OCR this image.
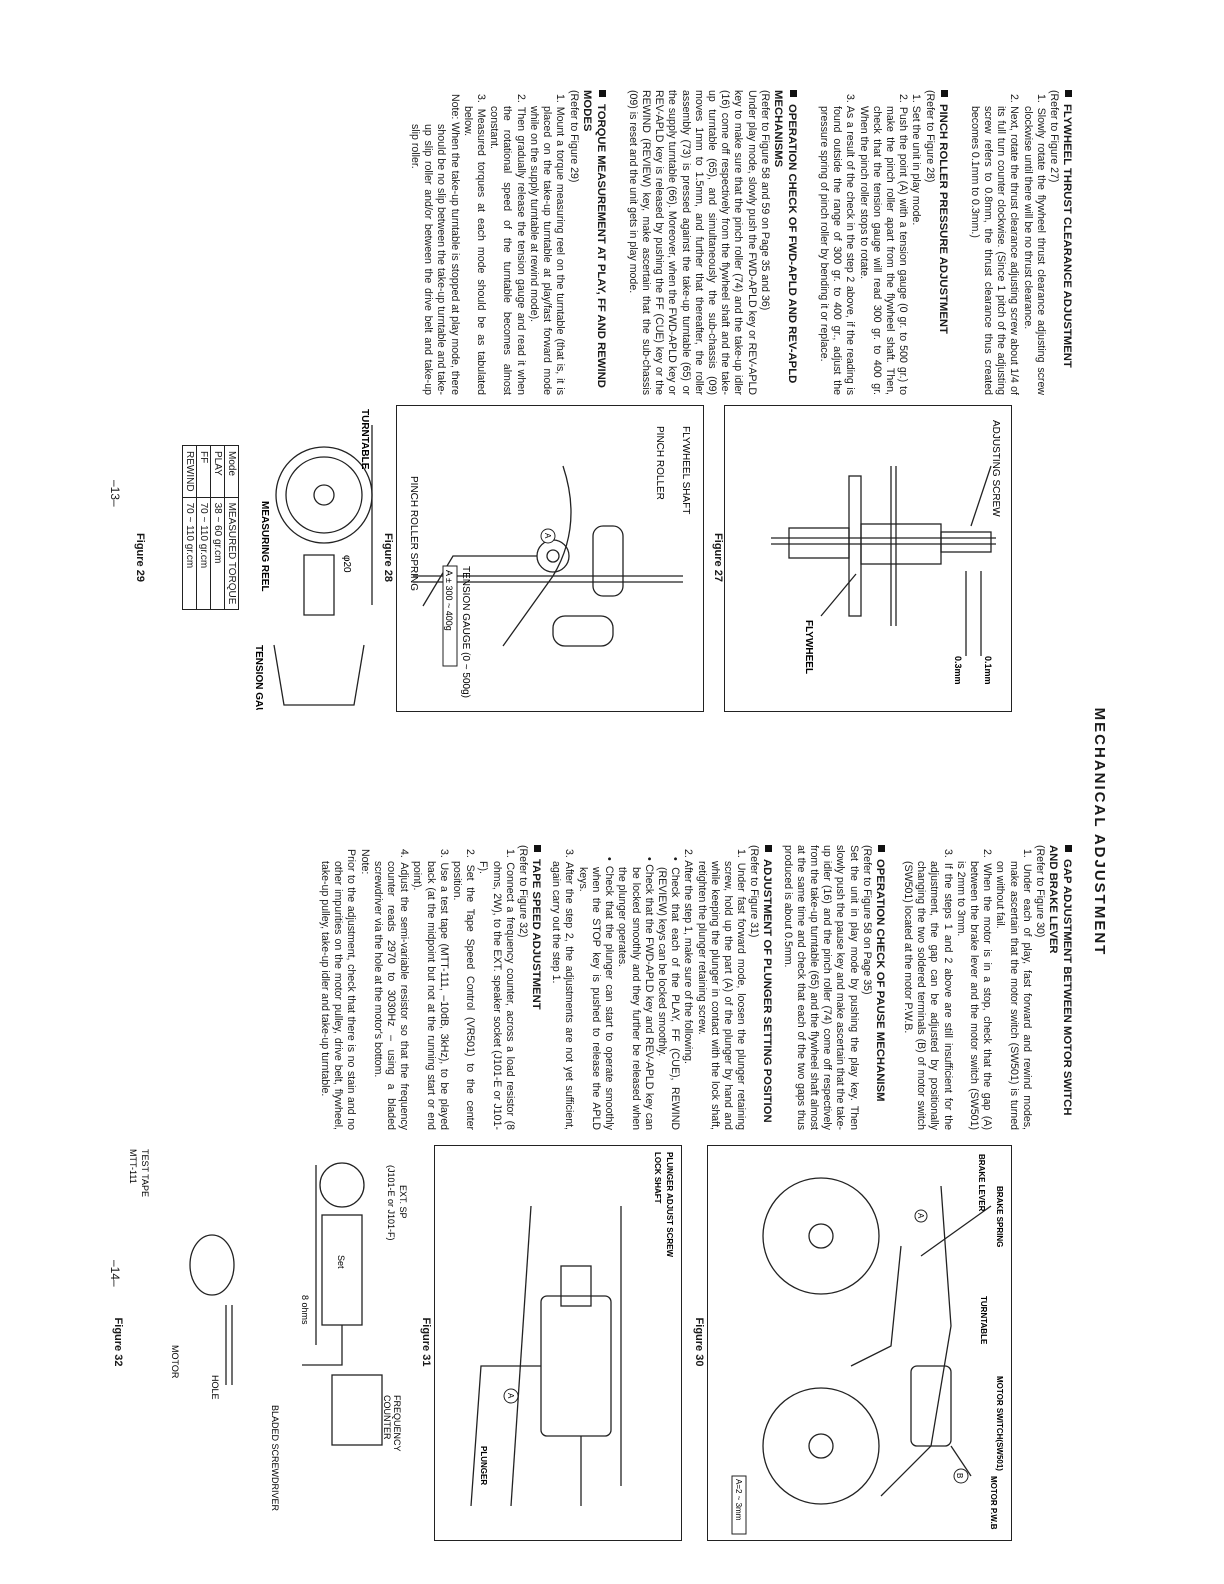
MECHANICAL ADJUSTMENT

FLYWHEEL THRUST CLEARANCE ADJUSTMENT

(Refer to Figure 27)

1. Slowly rotate the flywheel thrust clearance adjusting screw clockwise until there will be no thrust clearance.

2. Next, rotate the thrust clearance adjusting screw about 1/4 of its full turn counter clockwise. (Since 1 pitch of the adjusting screw refers to 0.8mm, the thrust clearance thus created becomes 0.1mm to 0.3mm.)

PINCH ROLLER PRESSURE ADJUSTMENT

(Refer to Figure 28)

1. Set the unit in play mode.

2. Push the point (A) with a tension gauge (0 gr. to 500 gr.) to make the pinch roller apart from the flywheel shaft. Then, check that the tension gauge will read 300 gr. to 400 gr. When the pinch roller stops to rotate.

3. As a result of the check in the step 2 above, if the reading is found outside the range of 300 gr. to 400 gr., adjust the pressure spring of pinch roller by bending it or replace.

OPERATION CHECK OF FWD-APLD AND REV-APLD MECHANISMS

(Refer to Figure 58 and 59 on Page 35 and 36)

Under play mode, slowly push the FWD-APLD key or REV-APLD key to make sure that the pinch roller (74) and the take-up idler (16) come off respectively from the flywheel shaft and the take-up turntable (65), and simultaneously the sub-chassis (09) moves 1mm to 1.5mm, and further that thereafter, the roller assembly (73) is pressed against the take-up turntable (65) or the supply turntable (66). Moreover, when the FWD-APLD key or REV-APLD key is released by pushing the FF (CUE) key or the REWIND (REVIEW) key, make ascertain that the sub-chassis (09) is reset and the unit gets in play mode.

TORQUE MEASUREMENT AT PLAY, FF AND REWIND MODES

(Refer to Figure 29)

1. Mount a torque measuring reel on the turntable (that is, it is placed on the take-up turntable at play/fast forward mode while on the supply turntable at rewind mode).

2. Then gradually release the tension gauge and read it when the rotational speed of the turntable becomes almost constant.

3. Measured torques at each mode should be as tabulated below.

Note: When the take-up turntable is stopped at play mode, there should be no slip between the take-up turntable and take-up slip roller and/or between the drive belt and take-up slip roller.

ADJUSTING SCREW
FLYWHEEL	0.1mm
0.3mm
Figure 27
A
FLYWHEEL SHAFT
PINCH ROLLER
PINCH ROLLER SPRING
TENSION GAUGE (0 ~ 500g)
A ± 300 ~ 400g
Figure 28
TURNTABLE
MEASURING REEL	φ20
TENSION GAUGE
Mode	MEASURED TORQUE
PLAY	38 ~ 60 gr.cm
FF	70 ~ 110 gr.cm
REWIND	70 ~ 110 gr.cm
Figure 29
–13–

GAP ADJUSTMENT BETWEEN MOTOR SWITCH AND BRAKE LEVER

(Refer to Figure 30)

1. Under each of play, fast forward and rewind modes, make ascertain that the motor switch (SW501) is turned on without fail.

2. When the motor is in a stop, check that the gap (A) between the brake lever and the motor switch (SW501) is 2mm to 3mm.

3. If the steps 1 and 2 above are still insufficient for the adjustment, the gap can be adjusted by positionally changing the two soldered terminals (B) of motor switch (SW501) located at the motor P.W.B.

OPERATION CHECK OF PAUSE MECHANISM

(Refer to Figure 58 on Page 35)

Set the unit in play mode by pushing the play key. Then slowly push the pause key and make ascertain that the take-up idler (16) and the pinch roller (74) come off respectively from the take-up turntable (65) and the flywheel shaft almost at the same time and check that each of the two gaps thus produced is about 0.5mm.

ADJUSTMENT OF PLUNGER SETTING POSITION

(Refer to Figure 31)

1. Under fast forward mode, loosen the plunger retaining screw, hold up the part (A) of the plunger by hand and while keeping the plunger in contact with the lock shaft, retighten the plunger retaining screw.

2. After the step 1, make sure of the following.

• Check that each of the PLAY, FF (CUE), REWIND (REVIEW) keys can be locked smoothly.

• Check that the FWD-APLD key and REV-APLD key can be locked smoothly and they further be released when the plunger operates.

• Check that the plunger can start to operate smoothly when the STOP key is pushed to release the APLD keys.

3. After the step 2, the adjustments are not yet sufficient, again carry out the step 1.

TAPE SPEED ADJUSTMENT

(Refer to Figure 32)

1. Connect a frequency counter, across a load resistor (8 ohms, 2W), to the EXT. speaker socket (J101-E or J101-F).

2. Set the Tape Speed Control (VR501) to the center position.

3. Use a test tape (MTT-111, –10dB, 3kHz), to be played back (at the midpoint but not at the running start or end point).

4. Adjust the semi-variable resistor so that the frequency counter reads 2970 to 3030Hz – using a bladed screwdriver via the hole at the motor's bottom.

Note:

Prior to the adjustment, check that there is no stain and no other impurities on the motor pulley, drive belt, flywheel, take-up pulley, take-up idler and take-up turntable.

A
B
BRAKE SPRING
BRAKE LEVER
TURNTABLE
MOTOR SWITCH(SW501)
MOTOR P.W.B
A=2 ~ 3mm
Figure 30
A
PLUNGER ADJUST SCREW
LOCK SHAFT
PLUNGER
Figure 31
Set
EXT. SP
(J101-E or J101-F)
8 ohms
FREQUENCY
COUNTER
BLADED SCREWDRIVER
HOLE
MOTOR
TEST TAPE
MTT-111
Figure 32
–14–
